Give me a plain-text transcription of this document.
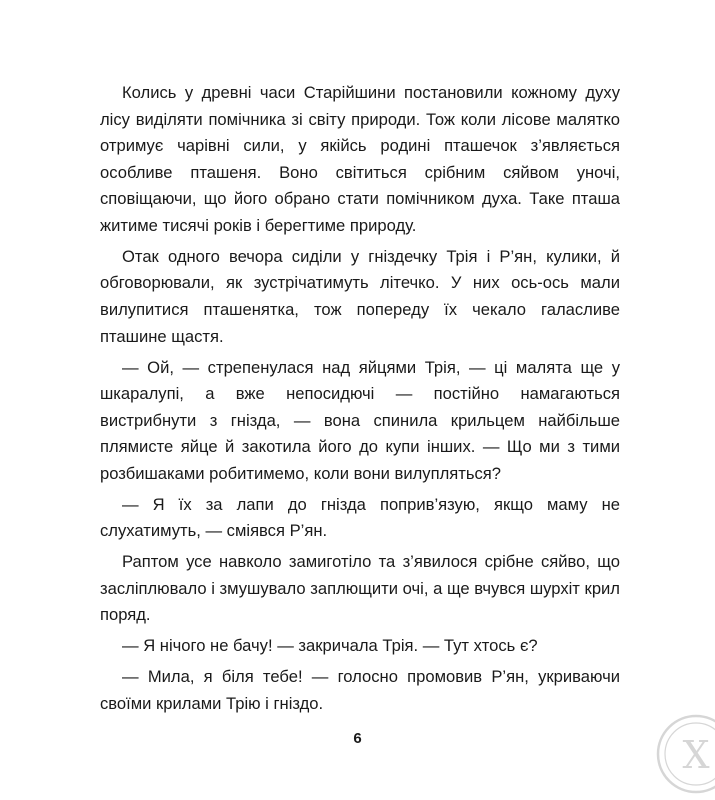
Колись у древні часи Старійшини постановили кожному духу лісу виділяти помічника зі світу природи. Тож коли лісове малятко отримує чарівні сили, у якійсь родині пташечок з’являється особливе пташеня. Воно світиться срібним сяйвом уночі, сповіщаючи, що його обрано стати помічником духа. Таке пташа житиме тисячі років і берегтиме природу.

Отак одного вечора сиділи у гніздечку Трія і Р’ян, кулики, й обговорювали, як зустрічатимуть літечко. У них ось-ось мали вилупитися пташенятка, тож попереду їх чекало галасливе пташине щастя.

— Ой, — стрепенулася над яйцями Трія, — ці малята ще у шкаралупі, а вже непосидючі — постійно намагаються вистрибнути з гнізда, — вона спинила крильцем найбільше плямисте яйце й закотила його до купи інших. — Що ми з тими розбишаками робитимемо, коли вони вилупляться?

— Я їх за лапи до гнізда поприв’язую, якщо маму не слухатимуть, — сміявся Р’ян.

Раптом усе навколо замиготіло та з’явилося срібне сяйво, що засліплювало і змушувало заплющити очі, а ще вчувся шурхіт крил поряд.

— Я нічого не бачу! — закричала Трія. — Тут хтось є?

— Мила, я біля тебе! — голосно промовив Р’ян, укриваючи своїми крилами Трію і гніздо.

6	X
